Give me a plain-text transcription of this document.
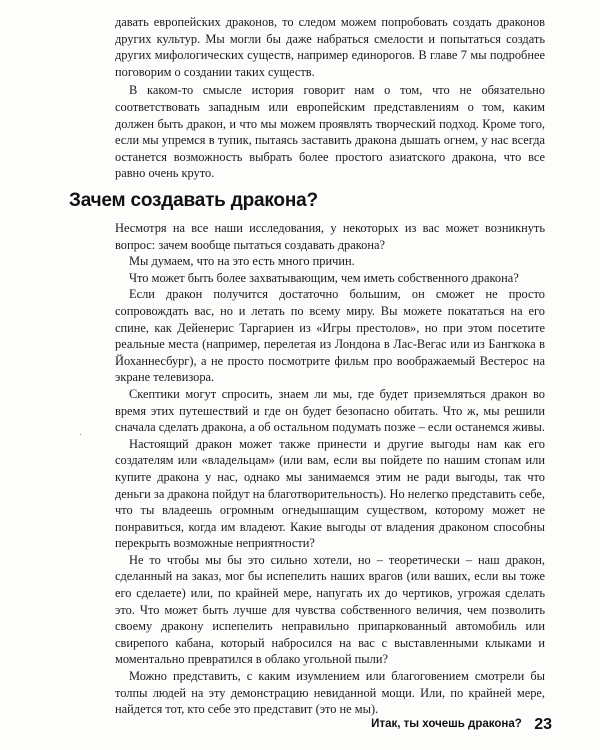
давать европейских драконов, то следом можем попробовать создать драконов других культур. Мы могли бы даже набраться смелости и попытаться создать других мифологических существ, например единорогов. В главе 7 мы подробнее поговорим о создании таких существ.

В каком-то смысле история говорит нам о том, что не обязательно соответствовать западным или европейским представлениям о том, каким должен быть дракон, и что мы можем проявлять творческий подход. Кроме того, если мы упремся в тупик, пытаясь заставить дракона дышать огнем, у нас всегда останется возможность выбрать более простого азиатского дракона, что все равно очень круто.

Зачем создавать дракона?

Несмотря на все наши исследования, у некоторых из вас может возникнуть вопрос: зачем вообще пытаться создавать дракона?

Мы думаем, что на это есть много причин.

Что может быть более захватывающим, чем иметь собственного дракона?

Если дракон получится достаточно большим, он сможет не просто сопровождать вас, но и летать по всему миру. Вы можете покататься на его спине, как Дейенерис Таргариен из «Игры престолов», но при этом посетите реальные места (например, перелетая из Лондона в Лас-Вегас или из Бангкока в Йоханнесбург), а не просто посмотрите фильм про воображаемый Вестерос на экране телевизора.

Скептики могут спросить, знаем ли мы, где будет приземляться дракон во время этих путешествий и где он будет безопасно обитать. Что ж, мы решили сначала сделать дракона, а об остальном подумать позже – если останемся живы.

Настоящий дракон может также принести и другие выгоды нам как его создателям или «владельцам» (или вам, если вы пойдете по нашим стопам или купите дракона у нас, однако мы занимаемся этим не ради выгоды, так что деньги за дракона пойдут на благотворительность). Но нелегко представить себе, что ты владеешь огромным огнедышащим существом, которому может не понравиться, когда им владеют. Какие выгоды от владения драконом способны перекрыть возможные неприятности?

Не то чтобы мы бы это сильно хотели, но – теоретически – наш дракон, сделанный на заказ, мог бы испепелить наших врагов (или ваших, если вы тоже его сделаете) или, по крайней мере, напугать их до чертиков, угрожая сделать это. Что может быть лучше для чувства собственного величия, чем позволить своему дракону испепелить неправильно припаркованный автомобиль или свирепого кабана, который набросился на вас с выставленными клыками и моментально превратился в облако угольной пыли?

Можно представить, с каким изумлением или благоговением смотрели бы толпы людей на эту демонстрацию невиданной мощи. Или, по крайней мере, найдется тот, кто себе это представит (это не мы).

Итак, ты хочешь дракона? 23
